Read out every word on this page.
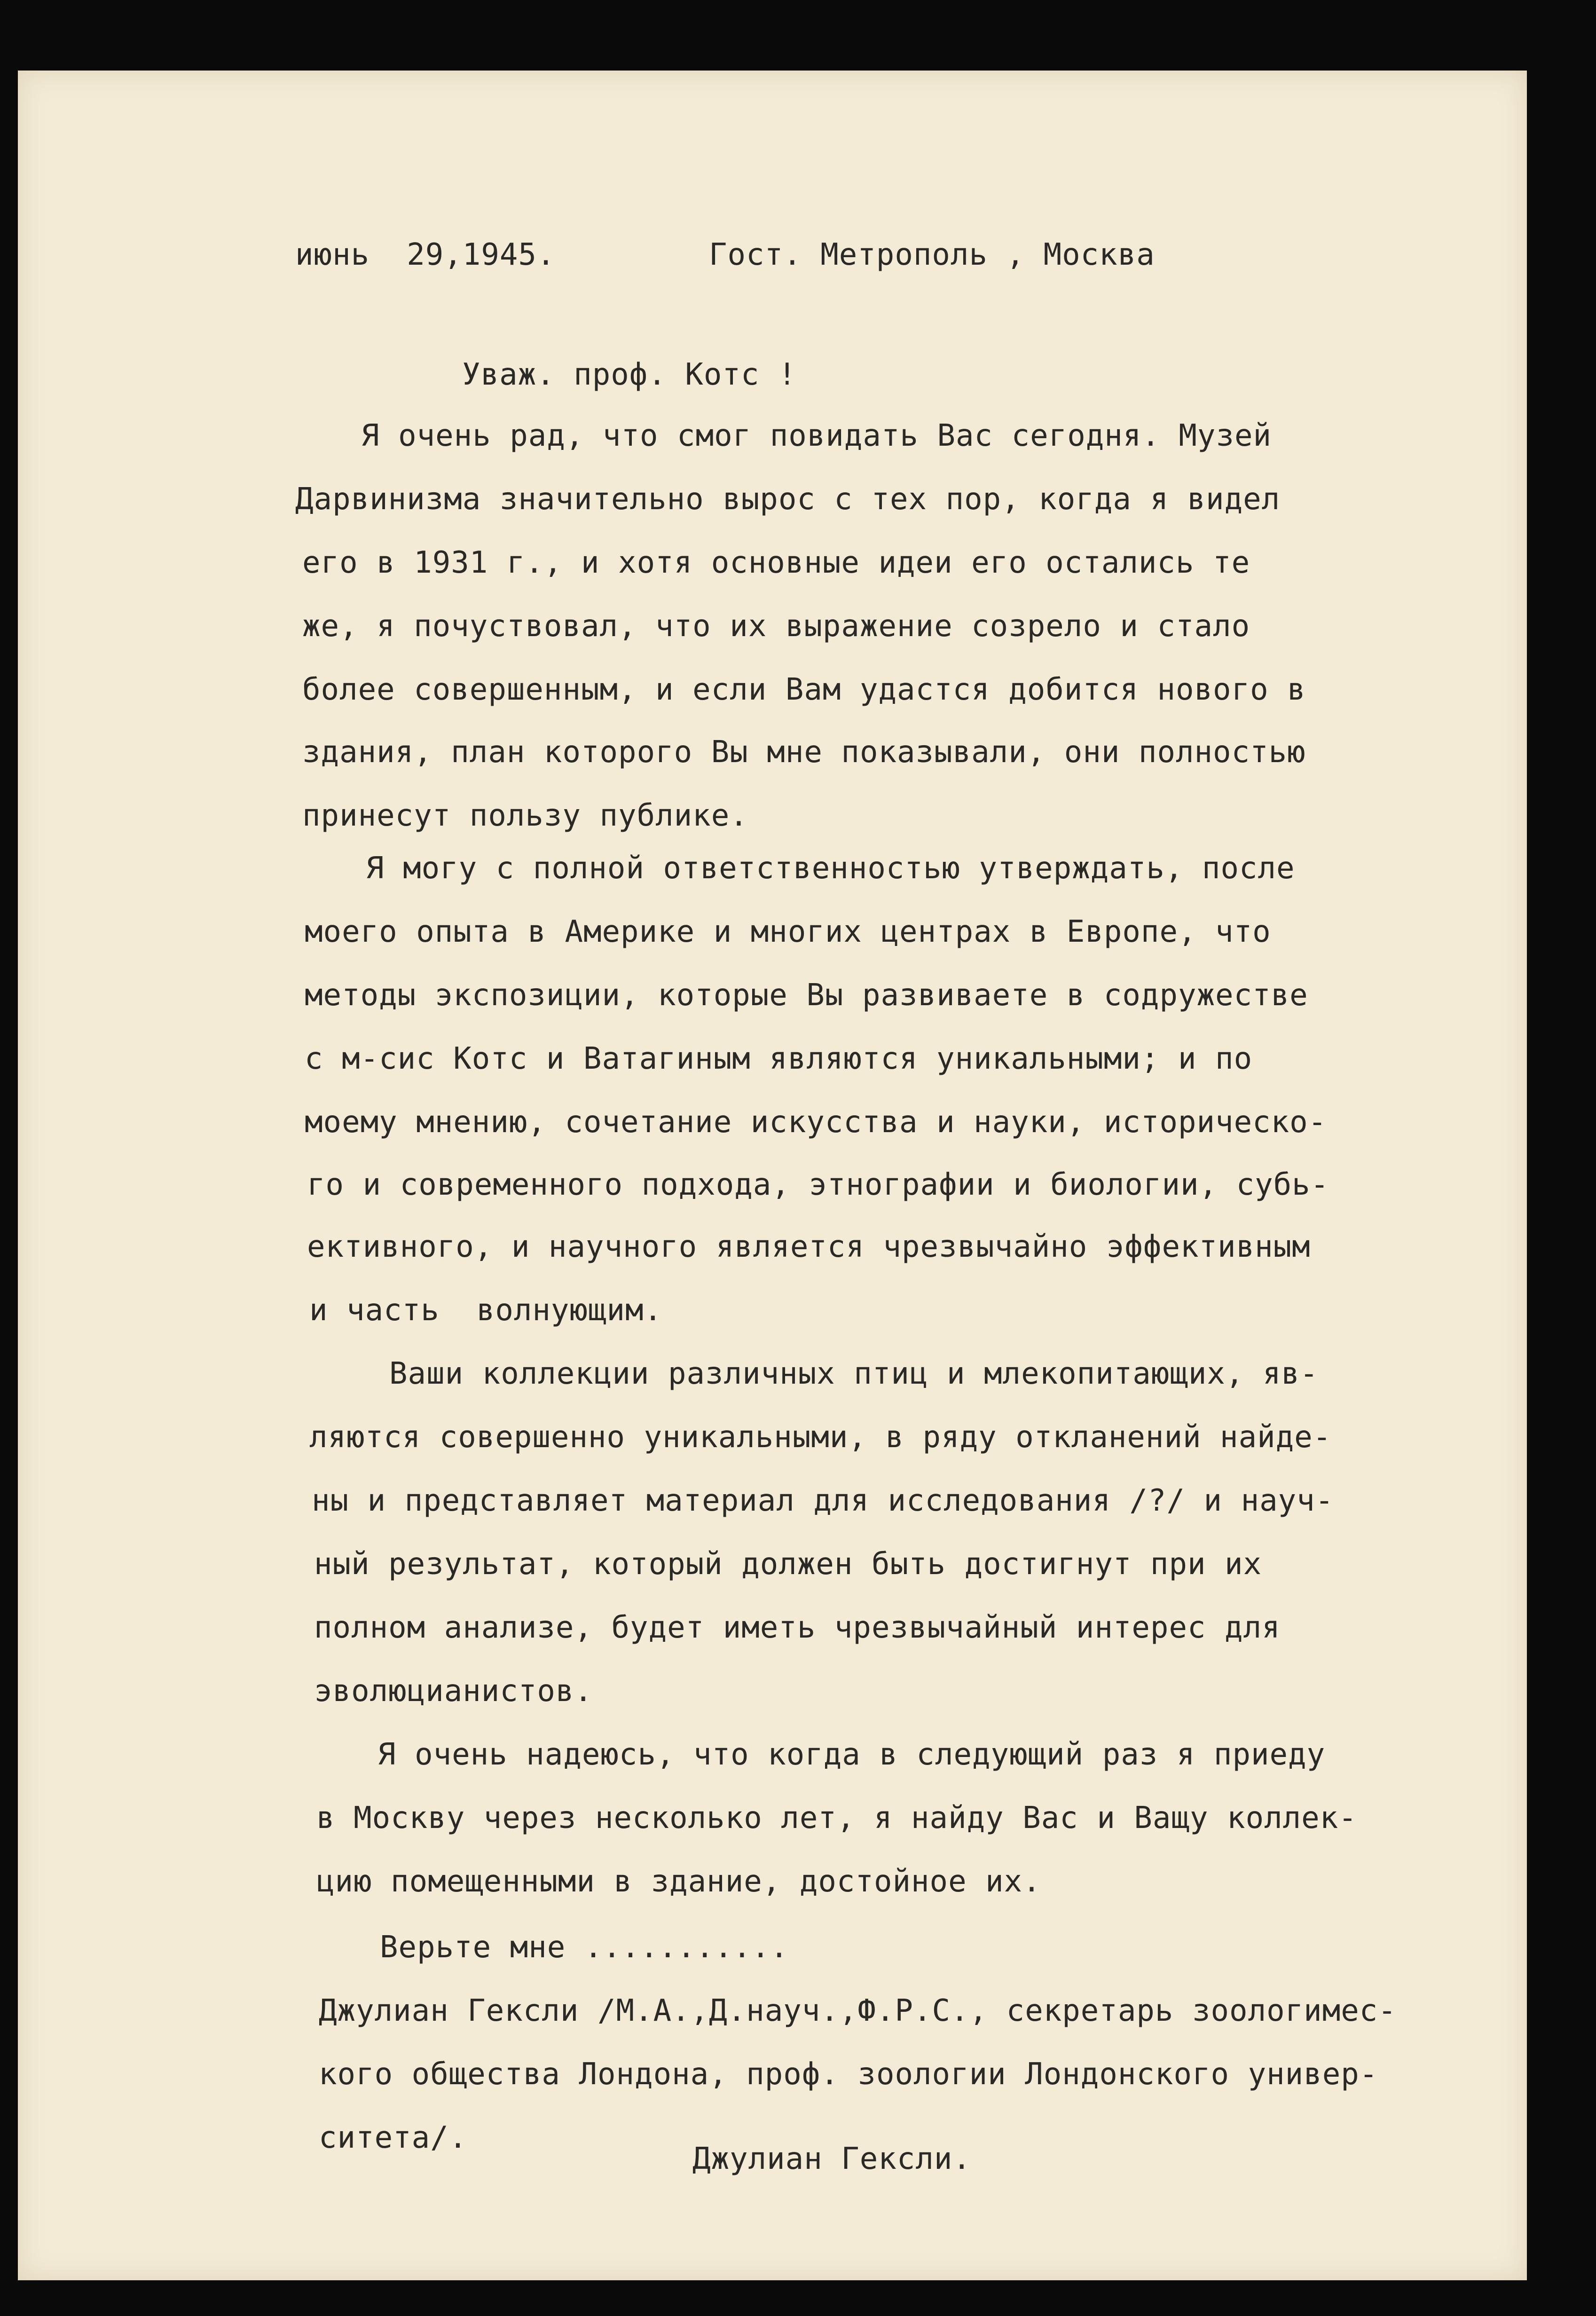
июнь  29,1945.	Гост. Метрополь , Москва
Уваж. проф. Котс !
Я очень рад, что смог повидать Вас сегодня. Музей
Дарвинизма значительно вырос с тех пор, когда я видел
его в 1931 г., и хотя основные идеи его остались те
же, я почуствовал, что их выражение созрело и стало
более совершенным, и если Вам удастся добится нового в
здания, план которого Вы мне показывали, они полностью
принесут пользу публике.
Я могу с полной ответственностью утверждать, после
моего опыта в Америке и многих центрах в Европе, что
методы экспозиции, которые Вы развиваете в содружестве
с м-сис Котс и Ватагиным являются уникальными; и по
моему мнению, сочетание искусства и науки, историческо-
го и современного подхода, этнографии и биологии, субь-
ективного, и научного является чрезвычайно эффективным
и часть  волнующим.
Ваши коллекции различных птиц и млекопитающих, яв-
ляются совершенно уникальными, в ряду откланений найде-
ны и представляет материал для исследования /?/ и науч-
ный результат, который должен быть достигнут при их
полном анализе, будет иметь чрезвычайный интерес для
эволюцианистов.
Я очень надеюсь, что когда в следующий раз я приеду
в Москву через несколько лет, я найду Вас и Ващу коллек-
цию помещенными в здание, достойное их.
Верьте мне ...........
Джулиан Гексли /М.А.,Д.науч.,Ф.Р.С., секретарь зоологимес-
кого общества Лондона, проф. зоологии Лондонского универ-
ситета/.
Джулиан Гексли.
